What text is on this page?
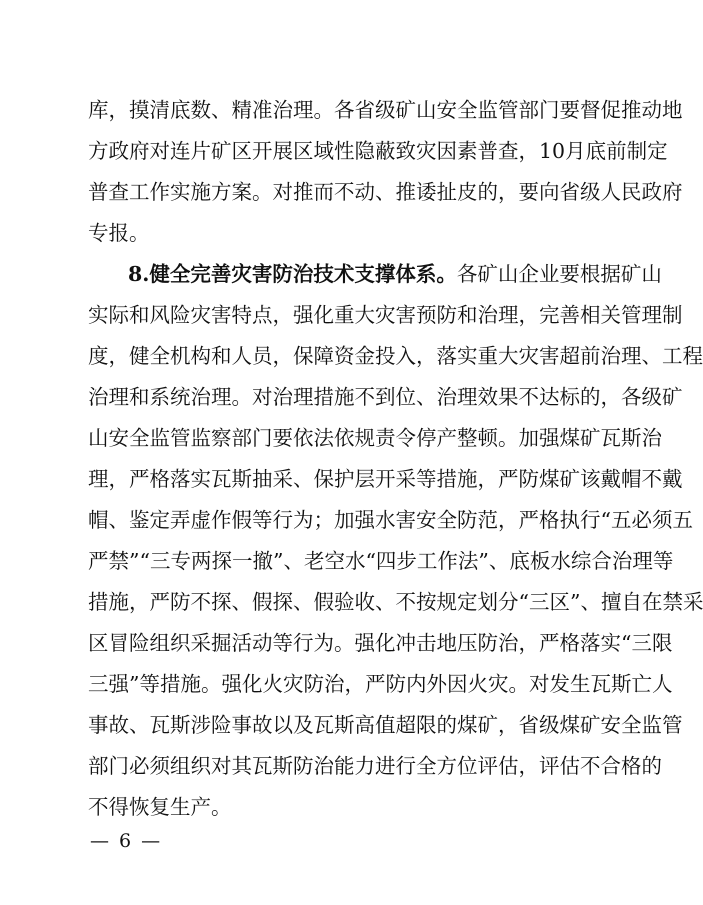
库，摸清底数、精准治理。各省级矿山安全监管部门要督促推动地
方政府对连片矿区开展区域性隐蔽致灾因素普查，10月底前制定
普查工作实施方案。对推而不动、推诿扯皮的，要向省级人民政府
专报。
8.健全完善灾害防治技术支撑体系。各矿山企业要根据矿山
实际和风险灾害特点，强化重大灾害预防和治理，完善相关管理制
度，健全机构和人员，保障资金投入，落实重大灾害超前治理、工程
治理和系统治理。对治理措施不到位、治理效果不达标的，各级矿
山安全监管监察部门要依法依规责令停产整顿。加强煤矿瓦斯治
理，严格落实瓦斯抽采、保护层开采等措施，严防煤矿该戴帽不戴
帽、鉴定弄虚作假等行为；加强水害安全防范，严格执行“五必须五
严禁”“三专两探一撤”、老空水“四步工作法”、底板水综合治理等
措施，严防不探、假探、假验收、不按规定划分“三区”、擅自在禁采
区冒险组织采掘活动等行为。强化冲击地压防治，严格落实“三限
三强”等措施。强化火灾防治，严防内外因火灾。对发生瓦斯亡人
事故、瓦斯涉险事故以及瓦斯高值超限的煤矿，省级煤矿安全监管
部门必须组织对其瓦斯防治能力进行全方位评估，评估不合格的
不得恢复生产。
— 6 —
